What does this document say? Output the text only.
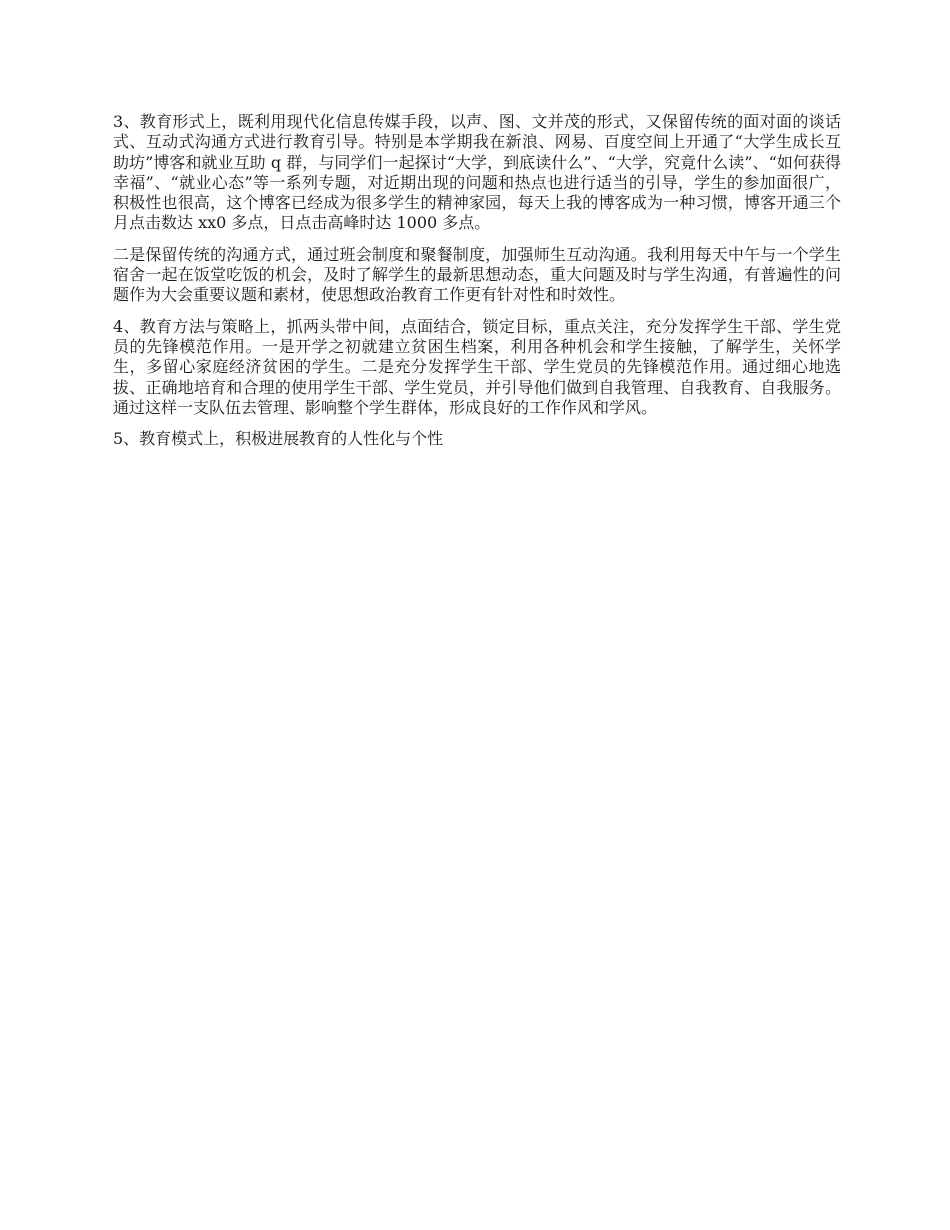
3、教育形式上，既利用现代化信息传媒手段，以声、图、文并茂的形式，又保留传统的面对面的谈话式、互动式沟通方式进行教育引导。特别是本学期我在新浪、网易、百度空间上开通了“大学生成长互助坊”博客和就业互助 q 群，与同学们一起探讨“大学，到底读什么”、“大学，究竟什么读”、“如何获得幸福”、“就业心态”等一系列专题，对近期出现的问题和热点也进行适当的引导，学生的参加面很广，积极性也很高，这个博客已经成为很多学生的精神家园，每天上我的博客成为一种习惯，博客开通三个月点击数达 xx0 多点，日点击高峰时达 1000 多点。

二是保留传统的沟通方式，通过班会制度和聚餐制度，加强师生互动沟通。我利用每天中午与一个学生宿舍一起在饭堂吃饭的机会，及时了解学生的最新思想动态，重大问题及时与学生沟通，有普遍性的问题作为大会重要议题和素材，使思想政治教育工作更有针对性和时效性。

4、教育方法与策略上，抓两头带中间，点面结合，锁定目标，重点关注，充分发挥学生干部、学生党员的先锋模范作用。一是开学之初就建立贫困生档案，利用各种机会和学生接触，了解学生，关怀学生，多留心家庭经济贫困的学生。二是充分发挥学生干部、学生党员的先锋模范作用。通过细心地选拔、正确地培育和合理的使用学生干部、学生党员，并引导他们做到自我管理、自我教育、自我服务。通过这样一支队伍去管理、影响整个学生群体，形成良好的工作作风和学风。

5、教育模式上，积极进展教育的人性化与个性
